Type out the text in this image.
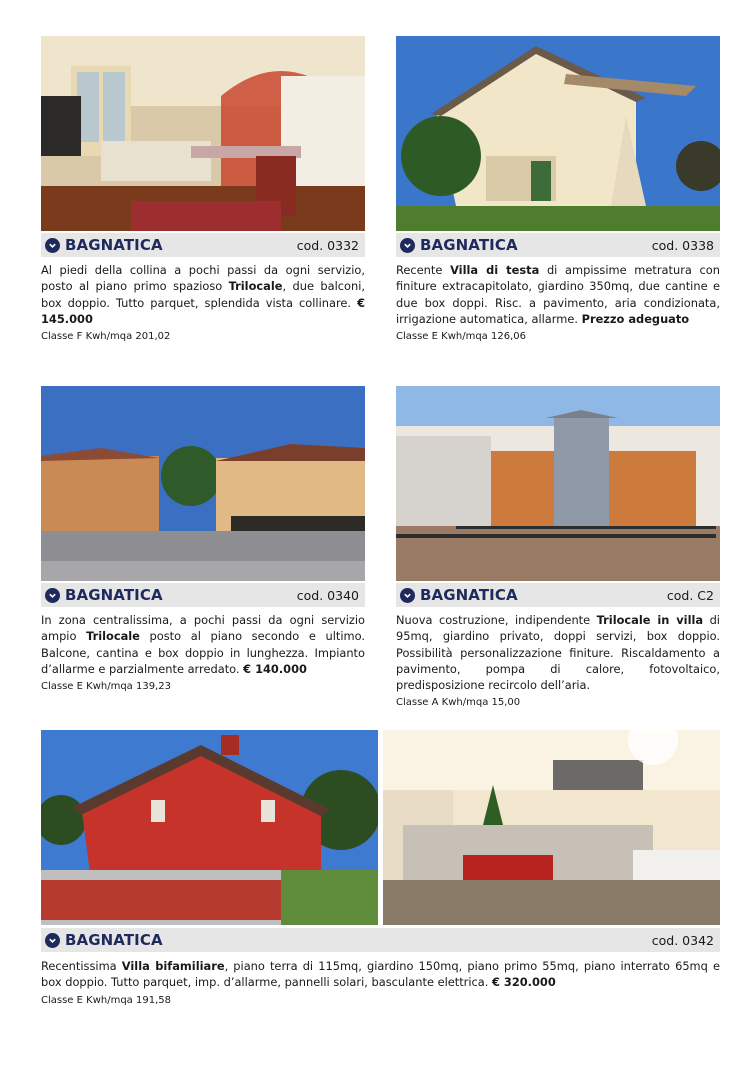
BAGNATICA	cod. 0332

Al piedi della collina a pochi passi da ogni servizio, posto al piano primo spazioso Trilocale, due balconi, box doppio. Tutto parquet, splendida vista collinare. € 145.000

Classe F Kwh/mqa 201,02
BAGNATICA	cod. 0338

Recente Villa di testa di ampissime metratura con finiture extracapitolato, giardino 350mq, due cantine e due box doppi. Risc. a pavimento, aria condizionata, irrigazione automatica, allarme. Prezzo adeguato

Classe E Kwh/mqa 126,06
BAGNATICA	cod. 0340

In zona centralissima, a pochi passi da ogni servizio ampio Trilocale posto al piano secondo e ultimo. Balcone, cantina e box doppio in lunghezza. Impianto d’allarme e parzialmente arredato. € 140.000

Classe E Kwh/mqa 139,23
BAGNATICA	cod. C2

Nuova costruzione, indipendente Trilocale in villa di 95mq, giardino privato, doppi servizi, box doppio. Possibilità personalizzazione finiture. Riscaldamento a pavimento, pompa di calore, fotovoltaico, predisposizione recircolo dell’aria.

Classe A Kwh/mqa 15,00
BAGNATICA	cod. 0342

Recentissima Villa bifamiliare, piano terra di 115mq, giardino 150mq, piano primo 55mq, piano interrato 65mq e box doppio. Tutto parquet, imp. d’allarme, pannelli solari, basculante elettrica. € 320.000

Classe E Kwh/mqa 191,58
